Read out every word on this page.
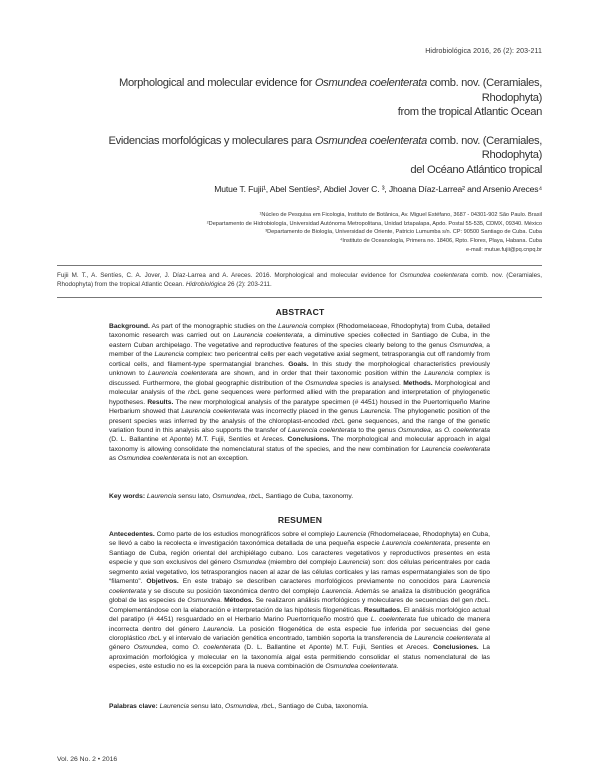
Hidrobiológica 2016, 26 (2): 203-211
Morphological and molecular evidence for Osmundea coelenterata comb. nov. (Ceramiales, Rhodophyta)
from the tropical Atlantic Ocean
Evidencias morfológicas y moleculares para Osmundea coelenterata comb. nov. (Ceramiales, Rhodophyta)
del Océano Atlántico tropical
Mutue T. Fujii¹, Abel Sentíes², Abdiel Jover C. ³, Jhoana Díaz-Larrea² and Arsenio Areces⁴
¹Núcleo de Pesquisa em Ficologia, Instituto de Botânica, Av. Miguel Estéfano, 3687 - 04301-902 São Paulo. Brasil
²Departamento de Hidrobiología, Universidad Autónoma Metropolitana, Unidad Iztapalapa, Apdo. Postal 55-535, CDMX, 09340. México
³Departamento de Biología, Universidad de Oriente, Patricio Lumumba s/n. CP: 90500 Santiago de Cuba. Cuba
⁴Instituto de Oceanología, Primera no. 18406, Rpto. Flores, Playa, Habana. Cuba
e-mail: mutue.fujii@pq.cnpq.br
Fujii M. T., A. Sentíes, C. A. Jover, J. Díaz-Larrea and A. Areces. 2016. Morphological and molecular evidence for Osmundea coelenterata comb. nov. (Ceramiales, Rhodophyta) from the tropical Atlantic Ocean. Hidrobiológica 26 (2): 203-211.
ABSTRACT
Background. As part of the monographic studies on the Laurencia complex (Rhodomelaceae, Rhodophyta) from Cuba, detailed taxonomic research was carried out on Laurencia coelenterata, a diminutive species collected in Santiago de Cuba, in the eastern Cuban archipelago. The vegetative and reproductive features of the species clearly belong to the genus Osmundea, a member of the Laurencia complex: two pericentral cells per each vegetative axial segment, tetrasporangia cut off randomly from cortical cells, and filament-type spermatangial branches. Goals. In this study the morphological characteristics previously unknown to Laurencia coelenterata are shown, and in order that their taxonomic position within the Laurencia complex is discussed. Furthermore, the global geographic distribution of the Osmundea species is analysed. Methods. Morphological and molecular analysis of the rbcL gene sequences were performed allied with the preparation and interpretation of phylogenetic hypotheses. Results. The new morphological analysis of the paratype specimen (# 4451) housed in the Puertorriqueño Marine Herbarium showed that Laurencia coelenterata was incorrectly placed in the genus Laurencia. The phylogenetic position of the present species was inferred by the analysis of the chloroplast-encoded rbcL gene sequences, and the range of the genetic variation found in this analysis also supports the transfer of Laurencia coelenterata to the genus Osmundea, as O. coelenterata (D. L. Ballantine et Aponte) M.T. Fujii, Sentíes et Areces. Conclusions. The morphological and molecular approach in algal taxonomy is allowing consolidate the nomenclatural status of the species, and the new combination for Laurencia coelenterata as Osmundea coelenterata is not an exception.
Key words: Laurencia sensu lato, Osmundea, rbcL, Santiago de Cuba, taxonomy.
RESUMEN
Antecedentes. Como parte de los estudios monográficos sobre el complejo Laurencia (Rhodomelaceae, Rhodophyta) en Cuba, se llevó a cabo la recolecta e investigación taxonómica detallada de una pequeña especie Laurencia coelenterata, presente en Santiago de Cuba, región oriental del archipiélago cubano. Los caracteres vegetativos y reproductivos presentes en esta especie y que son exclusivos del género Osmundea (miembro del complejo Laurencia) son: dos células pericentrales por cada segmento axial vegetativo, los tetrasporangios nacen al azar de las células corticales y las ramas espermatangiales son de tipo “filamento”. Objetivos. En este trabajo se describen caracteres morfológicos previamente no conocidos para Laurencia coelenterata y se discute su posición taxonómica dentro del complejo Laurencia. Además se analiza la distribución geográfica global de las especies de Osmundea. Métodos. Se realizaron análisis morfológicos y moleculares de secuencias del gen rbcL. Complementándose con la elaboración e interpretación de las hipótesis filogenéticas. Resultados. El análisis morfológico actual del paratipo (# 4451) resguardado en el Herbario Marino Puertorriqueño mostró que L. coelenterata fue ubicado de manera incorrecta dentro del género Laurencia. La posición filogenética de esta especie fue inferida por secuencias del gene cloroplástico rbcL y el intervalo de variación genética encontrado, también soporta la transferencia de Laurencia coelenterata al género Osmundea, como O. coelenterata (D. L. Ballantine et Aponte) M.T. Fujii, Sentíes et Areces. Conclusiones. La aproximación morfológica y molecular en la taxonomía algal esta permitiendo consolidar el status nomenclatural de las especies, este estudio no es la excepción para la nueva combinación de Osmundea coelenterata.
Palabras clave: Laurencia sensu lato, Osmundea, rbcL, Santiago de Cuba, taxonomía.
Vol. 26 No. 2 • 2016
